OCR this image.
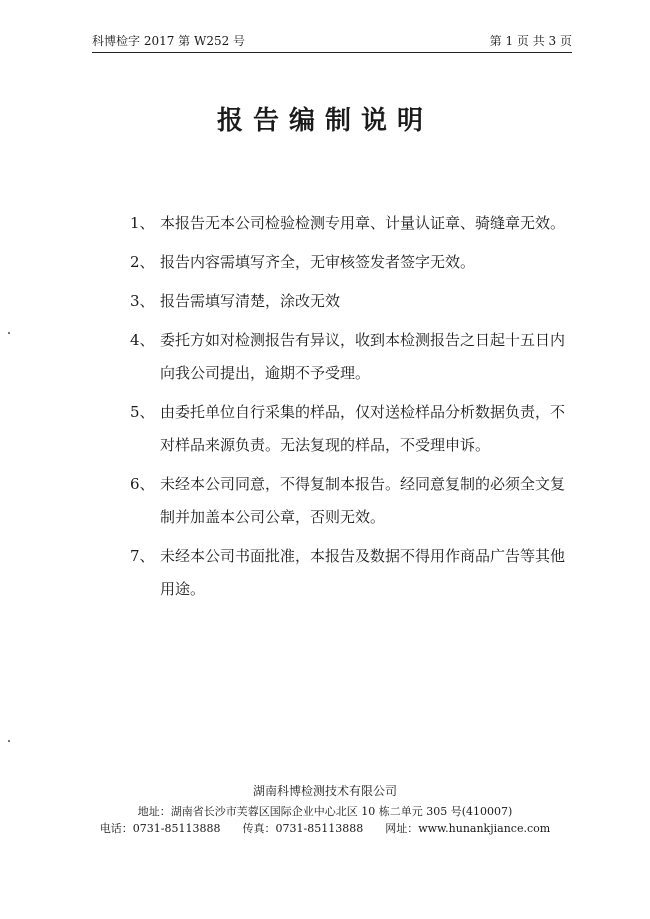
科博检字 2017 第 W252 号	第 1 页 共 3 页
报告编制说明
1、 本报告无本公司检验检测专用章、计量认证章、骑缝章无效。
2、 报告内容需填写齐全，无审核签发者签字无效。
3、 报告需填写清楚，涂改无效
4、 委托方如对检测报告有异议，收到本检测报告之日起十五日内向我公司提出，逾期不予受理。
5、 由委托单位自行采集的样品，仅对送检样品分析数据负责，不对样品来源负责。无法复现的样品，不受理申诉。
6、 未经本公司同意，不得复制本报告。经同意复制的必须全文复制并加盖本公司公章，否则无效。
7、 未经本公司书面批准，本报告及数据不得用作商品广告等其他用途。
湖南科博检测技术有限公司
地址：湖南省长沙市芙蓉区国际企业中心北区 10 栋二单元 305 号(410007)
电话：0731-85113888　　传真：0731-85113888　　网址：www.hunankjiance.com
